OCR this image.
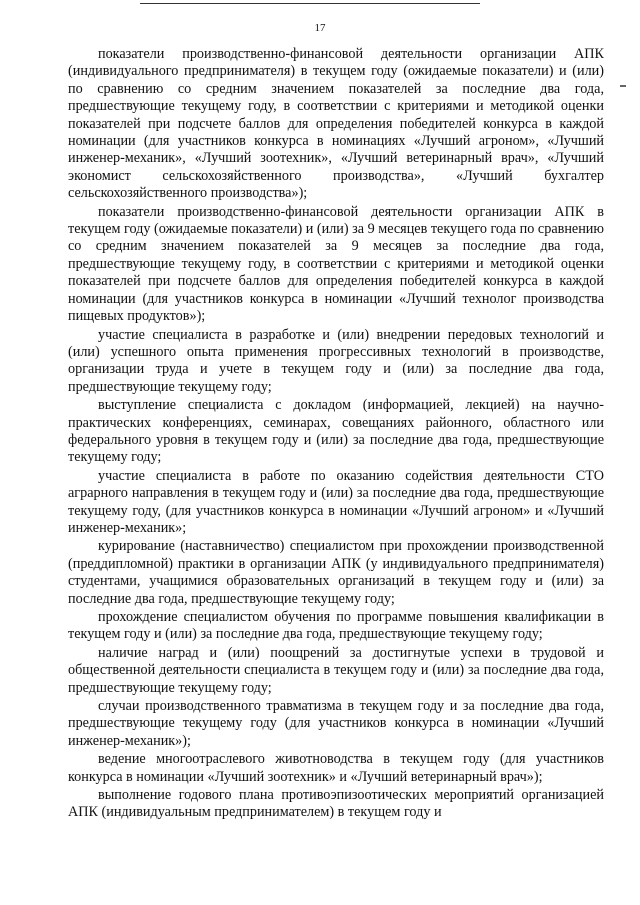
17

показатели производственно-финансовой деятельности организации АПК (индивидуального предпринимателя) в текущем году (ожидаемые показатели) и (или) по сравнению со средним значением показателей за последние два года, предшествующие текущему году, в соответствии с критериями и методикой оценки показателей при подсчете баллов для определения победителей конкурса в каждой номинации (для участников конкурса в номинациях «Лучший агроном», «Лучший инженер-механик», «Лучший зоотехник», «Лучший ветеринарный врач», «Лучший экономист сельскохозяйственного производства», «Лучший бухгалтер сельскохозяйственного производства»);

показатели производственно-финансовой деятельности организации АПК в текущем году (ожидаемые показатели) и (или) за 9 месяцев текущего года по сравнению со средним значением показателей за 9 месяцев за последние два года, предшествующие текущему году, в соответствии с критериями и методикой оценки показателей при подсчете баллов для определения победителей конкурса в каждой номинации (для участников конкурса в номинации «Лучший технолог производства пищевых продуктов»);

участие специалиста в разработке и (или) внедрении передовых технологий и (или) успешного опыта применения прогрессивных технологий в производстве, организации труда и учете в текущем году и (или) за последние два года, предшествующие текущему году;

выступление специалиста с докладом (информацией, лекцией) на научно-практических конференциях, семинарах, совещаниях районного, областного или федерального уровня в текущем году и (или) за последние два года, предшествующие текущему году;

участие специалиста в работе по оказанию содействия деятельности СТО аграрного направления в текущем году и (или) за последние два года, предшествующие текущему году, (для участников конкурса в номинации «Лучший агроном» и «Лучший инженер-механик»;

курирование (наставничество) специалистом при прохождении производственной (преддипломной) практики в организации АПК (у индивидуального предпринимателя) студентами, учащимися образовательных организаций в текущем году и (или) за последние два года, предшествующие текущему году;

прохождение специалистом обучения по программе повышения квалификации в текущем году и (или) за последние два года, предшествующие текущему году;

наличие наград и (или) поощрений за достигнутые успехи в трудовой и общественной деятельности специалиста в текущем году и (или) за последние два года, предшествующие текущему году;

случаи производственного травматизма в текущем году и за последние два года, предшествующие текущему году (для участников конкурса в номинации «Лучший инженер-механик»);

ведение многоотраслевого животноводства в текущем году (для участников конкурса в номинации «Лучший зоотехник» и «Лучший ветеринарный врач»);

выполнение годового плана противоэпизоотических мероприятий организацией АПК (индивидуальным предпринимателем) в текущем году и
